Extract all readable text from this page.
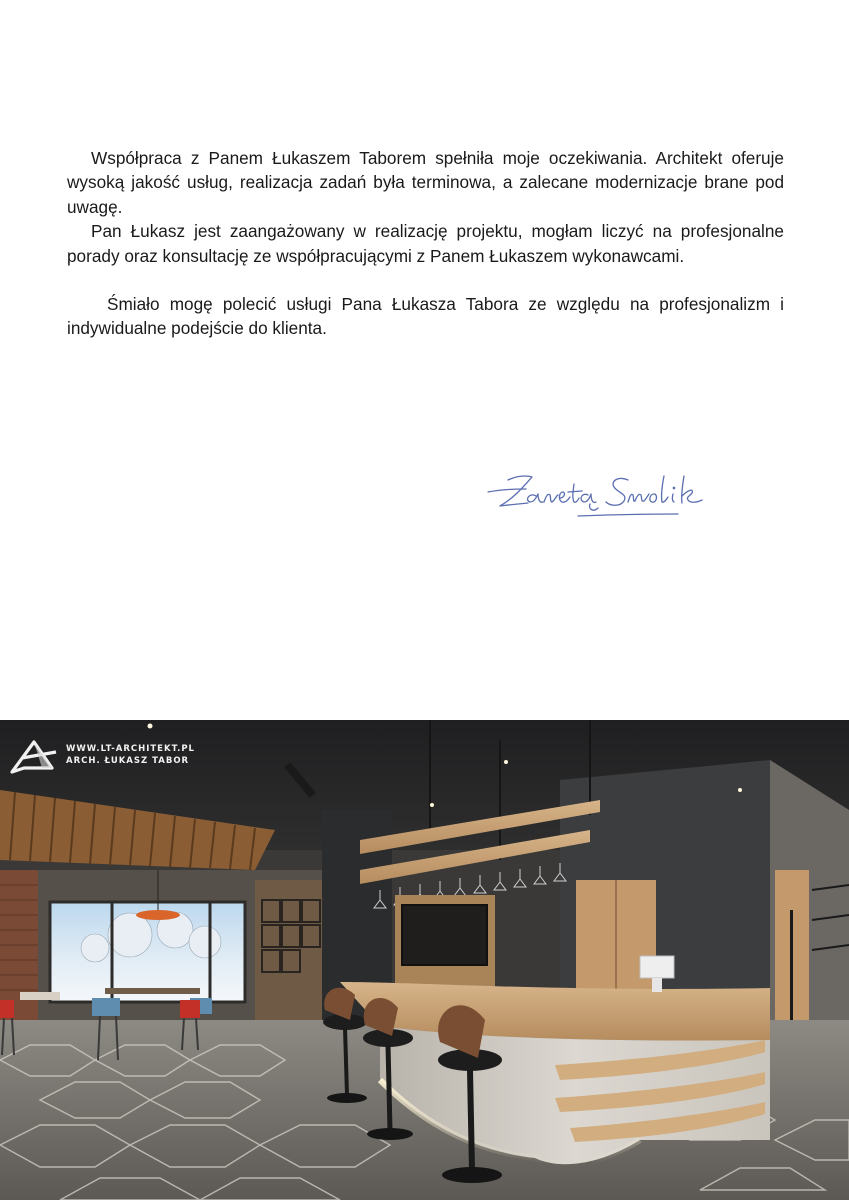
Współpraca z Panem Łukaszem Taborem spełniła moje oczekiwania. Architekt oferuje wysoką jakość usług, realizacja zadań była terminowa, a zalecane modernizacje brane pod uwagę.

Pan Łukasz jest zaangażowany w realizację projektu, mogłam liczyć na profesjonalne porady oraz konsultację ze współpracującymi z Panem Łukaszem wykonawcami.

Śmiało mogę polecić usługi Pana Łukasza Tabora ze względu na profesjonalizm i indywidualne podejście do klienta.

WWW.LT-ARCHITEKT.PL
ARCH. ŁUKASZ TABOR
